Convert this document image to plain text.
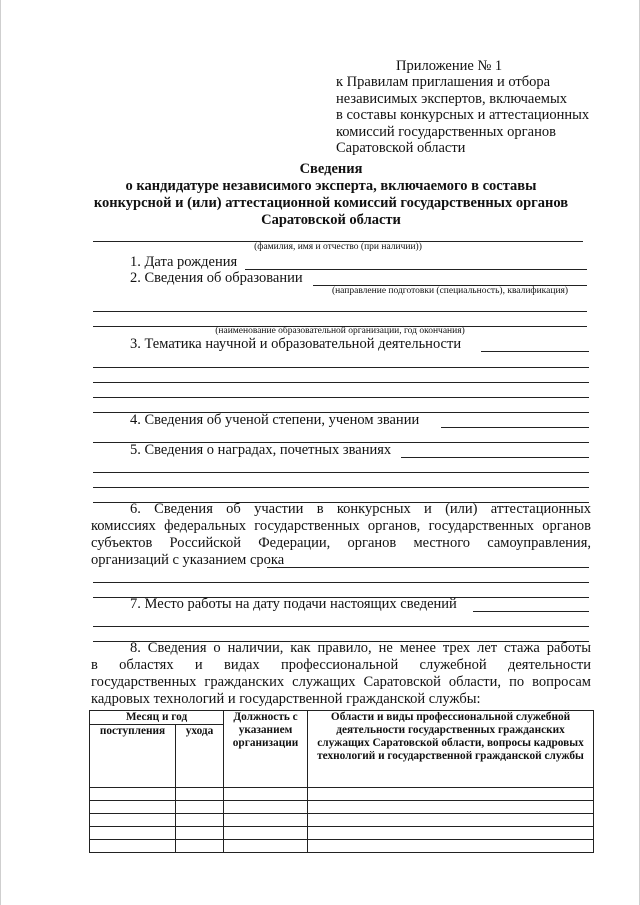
Приложение № 1
к Правилам приглашения и отбора
независимых экспертов, включаемых
в составы конкурсных и аттестационных
комиссий государственных органов
Саратовской области
Сведения
о кандидатуре независимого эксперта, включаемого в составы
конкурсной и (или) аттестационной комиссий государственных органов
Саратовской области
(фамилия, имя и отчество (при наличии))
1. Дата рождения
2. Сведения об образовании
(направление подготовки (специальность), квалификация)
(наименование образовательной организации, год окончания)
3. Тематика научной и образовательной деятельности
4. Сведения об ученой степени, ученом звании
5. Сведения о наградах, почетных званиях
6. Сведения об участии в конкурсных и (или) аттестационных
комиссиях федеральных государственных органов, государственных органов
субъектов Российской Федерации, органов местного самоуправления,
организаций с указанием срока
7. Место работы на дату подачи настоящих сведений
8. Сведения о наличии, как правило, не менее трех лет стажа работы
в областях и видах профессиональной служебной деятельности
государственных гражданских служащих Саратовской области, по вопросам
кадровых технологий и государственной гражданской службы:
Месяц и год		Должность с указанием организации	Области и виды профессиональной служебной деятельности государственных гражданских служащих Саратовской области, вопросы кадровых технологий и государственной гражданской службы
поступления	ухода		
